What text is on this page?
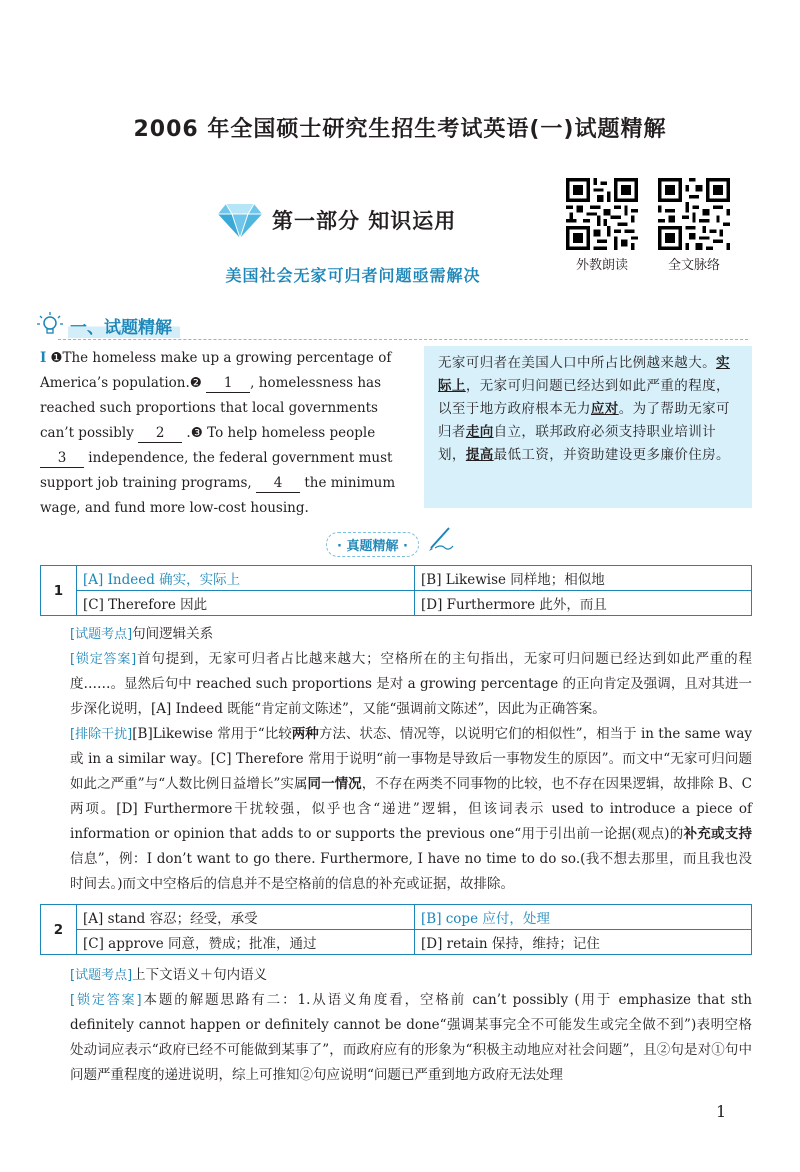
2006 年全国硕士研究生招生考试英语(一)试题精解
第一部分 知识运用
外教朗读	全文脉络
美国社会无家可归者问题亟需解决
一、试题精解
Ⅰ ❶The homeless make up a growing percentage of America’s population.❷ 1 , homelessness has reached such proportions that local governments can’t possibly 2 .❸ To help homeless people 3 independence, the federal government must support job training programs, 4 the minimum wage, and fund more low-cost housing.
无家可归者在美国人口中所占比例越来越大。实际上，无家可归问题已经达到如此严重的程度，以至于地方政府根本无力应对。为了帮助无家可归者走向自立，联邦政府必须支持职业培训计划，提高最低工资，并资助建设更多廉价住房。
· 真题精解 ·
1	[A] Indeed 确实，实际上	[B] Likewise 同样地；相似地
	[C] Therefore 因此	[D] Furthermore 此外，而且
[试题考点]句间逻辑关系
[锁定答案]首句提到，无家可归者占比越来越大；空格所在的主句指出，无家可归问题已经达到如此严重的程度……。显然后句中 reached such proportions 是对 a growing percentage 的正向肯定及强调，且对其进一步深化说明，[A] Indeed 既能“肯定前文陈述”，又能“强调前文陈述”，因此为正确答案。
[排除干扰][B]Likewise 常用于“比较两种方法、状态、情况等，以说明它们的相似性”，相当于 in the same way 或 in a similar way。[C] Therefore 常用于说明“前一事物是导致后一事物发生的原因”。而文中“无家可归问题如此之严重”与“人数比例日益增长”实属同一情况，不存在两类不同事物的比较，也不存在因果逻辑，故排除 B、C 两项。[D] Furthermore干扰较强，似乎也含“递进”逻辑，但该词表示 used to introduce a piece of information or opinion that adds to or supports the previous one“用于引出前一论据(观点)的补充或支持信息”，例：I don’t want to go there. Furthermore, I have no time to do so.(我不想去那里，而且我也没时间去。)而文中空格后的信息并不是空格前的信息的补充或证据，故排除。
2	[A] stand 容忍；经受，承受	[B] cope 应付，处理
	[C] approve 同意，赞成；批准，通过	[D] retain 保持，维持；记住
[试题考点]上下文语义＋句内语义
[锁定答案]本题的解题思路有二：1.从语义角度看，空格前 can’t possibly (用于 emphasize that sth definitely cannot happen or definitely cannot be done“强调某事完全不可能发生或完全做不到”)表明空格处动词应表示“政府已经不可能做到某事了”，而政府应有的形象为“积极主动地应对社会问题”，且②句是对①句中问题严重程度的递进说明，综上可推知②句应说明“问题已严重到地方政府无法处理
1
